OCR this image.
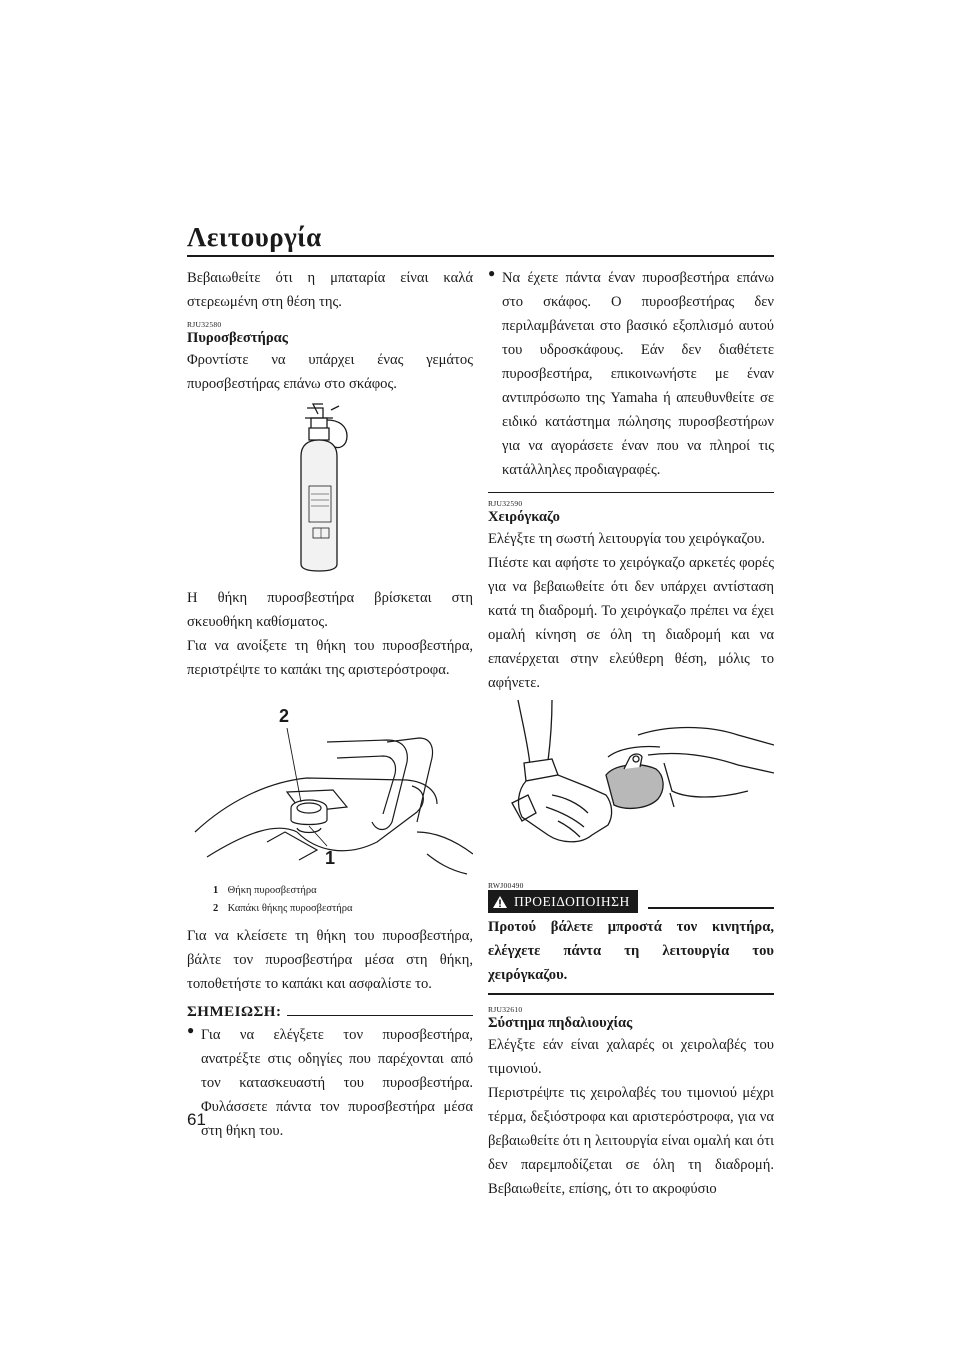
Λειτουργία

Βεβαιωθείτε ότι η μπαταρία είναι καλά στερεωμένη στη θέση της.

RJU32580
Πυροσβεστήρας

Φροντίστε να υπάρχει ένας γεμάτος πυροσβεστήρας επάνω στο σκάφος.

Η θήκη πυροσβεστήρα βρίσκεται στη σκευοθήκη καθίσματος.

Για να ανοίξετε τη θήκη του πυροσβεστήρα, περιστρέψτε το καπάκι της αριστερόστροφα.

2
1
1 Θήκη πυροσβεστήρα
2 Καπάκι θήκης πυροσβεστήρα

Για να κλείσετε τη θήκη του πυροσβεστήρα, βάλτε τον πυροσβεστήρα μέσα στη θήκη, τοποθετήστε το καπάκι και ασφαλίστε το.

ΣΗΜΕΙΩΣΗ:
● Για να ελέγξετε τον πυροσβεστήρα, ανατρέξτε στις οδηγίες που παρέχονται από τον κατασκευαστή του πυροσβεστήρα. Φυλάσσετε πάντα τον πυροσβεστήρα μέσα στη θήκη του.

● Να έχετε πάντα έναν πυροσβεστήρα επάνω στο σκάφος. Ο πυροσβεστήρας δεν περιλαμβάνεται στο βασικό εξοπλισμό αυτού του υδροσκάφους. Εάν δεν διαθέτετε πυροσβεστήρα, επικοινωνήστε με έναν αντιπρόσωπο της Yamaha ή απευθυνθείτε σε ειδικό κατάστημα πώλησης πυροσβεστήρων για να αγοράσετε έναν που να πληροί τις κατάλληλες προδιαγραφές.

RJU32590
Χειρόγκαζο

Ελέγξτε τη σωστή λειτουργία του χειρόγκαζου.

Πιέστε και αφήστε το χειρόγκαζο αρκετές φορές για να βεβαιωθείτε ότι δεν υπάρχει αντίσταση κατά τη διαδρομή. Το χειρόγκαζο πρέπει να έχει ομαλή κίνηση σε όλη τη διαδρομή και να επανέρχεται στην ελεύθερη θέση, μόλις το αφήνετε.

RWJ00490
ΠΡΟΕΙΔΟΠΟΙΗΣΗ
Προτού βάλετε μπροστά τον κινητήρα, ελέγχετε πάντα τη λειτουργία του χειρόγκαζου.
RJU32610
Σύστημα πηδαλιουχίας

Ελέγξτε εάν είναι χαλαρές οι χειρολαβές του τιμονιού.

Περιστρέψτε τις χειρολαβές του τιμονιού μέχρι τέρμα, δεξιόστροφα και αριστερόστροφα, για να βεβαιωθείτε ότι η λειτουργία είναι ομαλή και ότι δεν παρεμποδίζεται σε όλη τη διαδρομή. Βεβαιωθείτε, επίσης, ότι το ακροφύσιο

61
